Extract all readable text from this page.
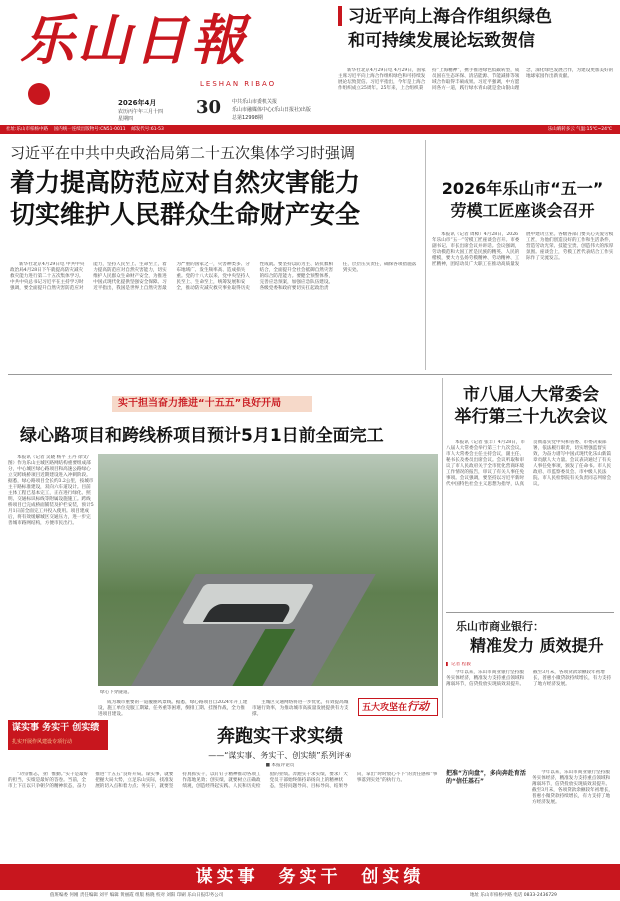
乐山日報
LESHAN RIBAO
2026年4月
农历丙午年三月十四
星期四
30 中共乐山市委机关报
乐山市融媒体中心(乐山日报社)出版
总第12998期
习近平向上海合作组织绿色
和可持续发展论坛致贺信

新华社北京4月29日电 4月29日，国家主席习近平向上海合作组织绿色和可持续发展论坛致贺信。习近平指出，今年是上海合作组织成立25周年。25年来，上合组织秉持“上海精神”，携手推进绿色低碳转型，成员国在生态环保、清洁能源、节能减排等领域合作取得丰硕成果。习近平强调，中方愿同各方一道，践行绿水青山就是金山银山理念，深化绿色发展合作，为建设更加美好的地球家园作出新贡献。

社址:乐山市柏杨中路 国内统一连续出版物号:CN51-0011 邮发代号:61-53	乐山晴转多云 气温:15℃~24℃
习近平在中共中央政治局第二十五次集体学习时强调
着力提高防范应对自然灾害能力
切实维护人民群众生命财产安全

新华社北京4月29日电 中共中央政治局4月28日下午就提高防灾减灾救灾能力进行第二十五次集体学习。中共中央总书记习近平在主持学习时强调，要全面提升自然灾害防范应对能力，坚持人民至上、生命至上，着力提高防范应对自然灾害能力，切实维护人民群众生命财产安全，为推进中国式现代化提供坚强安全保障。习近平指出，我国是世界上自然灾害最为严重的国家之一，灾害种类多、分布地域广、发生频率高、造成损失重。党的十八大以来，党中央坚持人民至上、生命至上，统筹发展和安全，推动防灾减灾救灾事业取得历史性成就。要坚持以防为主、防抗救相结合，全面提升全社会抵御自然灾害的综合防范能力。要健全预警体系，完善应急预案，加强应急队伍建设。各级党委和政府要切实扛起政治责任，层层压实责任，确保各项措施落到实处。

2026年乐山市“五一”
劳模工匠座谈会召开

本报讯（记者 周樟）4月28日，2026年乐山市“五一”劳模工匠座谈会召开。市委副书记、市长出席会议并讲话。会议强调，劳动模范和大国工匠是民族的精英、人民的楷模，要大力弘扬劳模精神、劳动精神、工匠精神，团结动员广大职工在推动高质量发展中建功立业。各级各部门要关心关爱劳模工匠，为他们创造良好的工作和生活条件，营造劳动光荣、技能宝贵、创造伟大的浓厚氛围。座谈会上，劳模工匠代表结合工作实际作了交流发言。

实干担当奋力推进“十五五”良好开局
绿心路项目和跨线桥项目预计5月1日前全面完工

本报讯（记者 吴晓 杨平 王丹 徐文/图）作为乐山主城区路网结构重要组成部分，中心城区绿心路项目和高速公路绿心立交跨线桥项目近期建设进入冲刺阶段。据悉，绿心路项目全长约3.2公里，按城市主干路标准建设，双向六车道设计。目前主体工程已基本完工，正在进行绿化、照明、交通标识标线等附属设施施工。跨线桥项目已完成桥面铺装及护栏安装，预计5月1日前全面完工并投入使用。项目建成后，将有效缓解城区交通压力，进一步完善城市路网结构，方便市民出行。

绿心下穿隧道。

成为城市重要的一道靓丽风景线。据悉，绿心路项目自2024年开工建设，施工单位克服工期紧、任务重等困难，倒排工期、挂图作战，全力推进项目建设。

主城区交通网络将进一步优化，有效提高城市通行效率，为推动城市高质量发展提供有力支撑。

五大攻坚在行动
市八届人大常委会
举行第三十九次会议

本报讯（记者 张丰）4月28日，市八届人大常委会举行第三十九次会议。市人大常委会主任主持会议，副主任、秘书长及委员出席会议。会议听取和审议了市人民政府关于全市优化营商环境工作情况的报告，审议了有关人事任免事项。会议强调，要坚持以习近平新时代中国特色社会主义思想为指导，认真贯彻落实党中央和省委、市委决策部署，依法履行职责，切实增强监督实效，为奋力谱写中国式现代化乐山新篇章贡献人大力量。会议表决通过了有关人事任免事项，颁发了任命书。市人民政府、市监察委员会、市中级人民法院、市人民检察院有关负责同志列席会议。

乐山市商业银行：
精准发力 质效提升
▌ 记者 程毅

今年以来，乐山市商业银行坚持服务实体经济，精准发力支持重点领域和薄弱环节，信贷投放实现质效双提升。截至3月末，各项贷款余额较年初增长，普惠小微贷款持续增长，有力支持了地方经济发展。

把准“方向盘”，多向奔赴育活的“信任基石”

今年以来，乐山市商业银行坚持服务实体经济，精准发力支持重点领域和薄弱环节，信贷投放实现质效双提升。截至3月末，各项贷款余额较年初增长，普惠小微贷款持续增长，有力支持了地方经济发展。

谋实事 务实干 创实绩
扎实开展作风建设专项行动	奔跑实干求实绩
——“谋实事、务实干、创实绩”系列评④
■ 本报评论员

“功崇惟志，业广惟勤。”实干是最好的担当，实绩是最好的答卷。当前，全市上下正以只争朝夕的精神状态，奋力推进“十五五”良好开局。谋实事，就要把握大局大势，立足乐山实际，找准发展的切入点和着力点；务实干，就要坚持真抓实干，以钉钉子精神推动各项工作落地见效；创实绩，就要树立正确政绩观，创造经得起实践、人民和历史检验的业绩。奔跑实干求实绩，要求广大党员干部始终保持昂扬向上的精神状态，坚持问题导向、目标导向、结果导向，拿出“时时放心不下”的责任感和“事事落到实处”的执行力。

谋实事  务实干  创实绩
值班编委 何刚 责任编辑 刘平 编辑 黄丽霞 组版 杨晓 校对 刘阳 印刷 乐山日报印务公司	地址 乐山市柏杨中路 电话 0833-2436729
